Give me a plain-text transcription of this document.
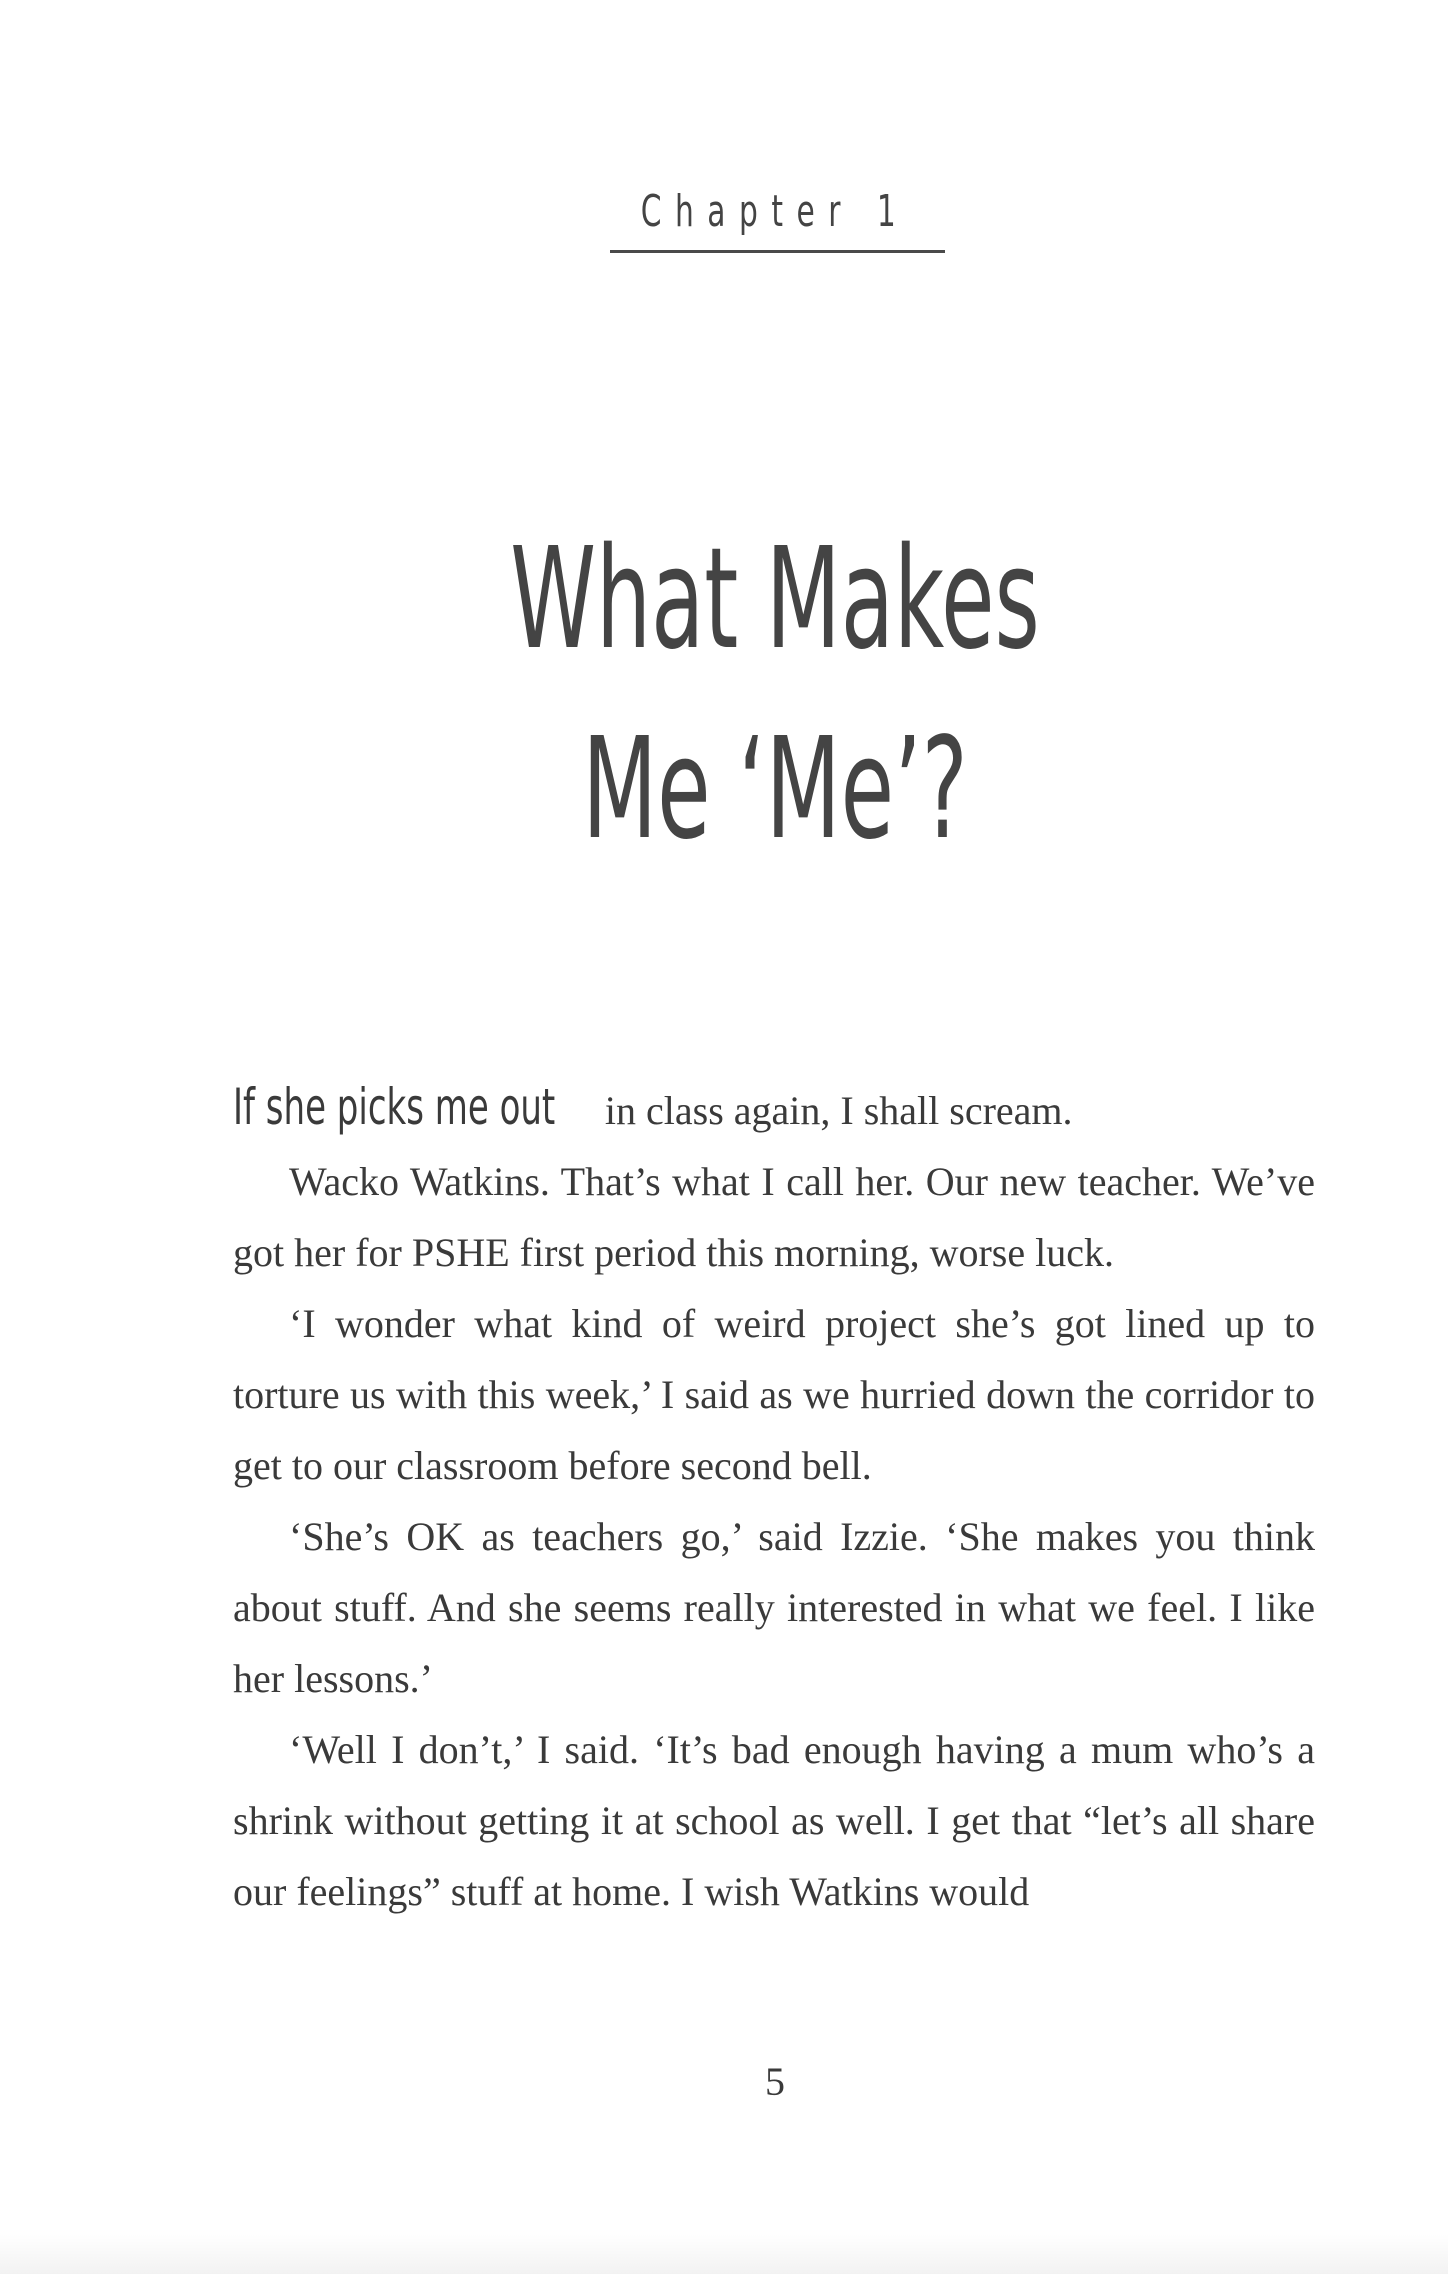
Chapter 1
What Makes
Me ‘Me’?

If she picks me out in class again, I shall scream.

Wacko Watkins. That’s what I call her. Our new teacher. We’ve got her for PSHE first period this morning, worse luck.

‘I wonder what kind of weird project she’s got lined up to torture us with this week,’ I said as we hurried down the corridor to get to our classroom before second bell.

‘She’s OK as teachers go,’ said Izzie. ‘She makes you think about stuff. And she seems really interested in what we feel. I like her lessons.’

‘Well I don’t,’ I said. ‘It’s bad enough having a mum who’s a shrink without getting it at school as well. I get that “let’s all share our feelings” stuff at home. I wish Watkins would

5
